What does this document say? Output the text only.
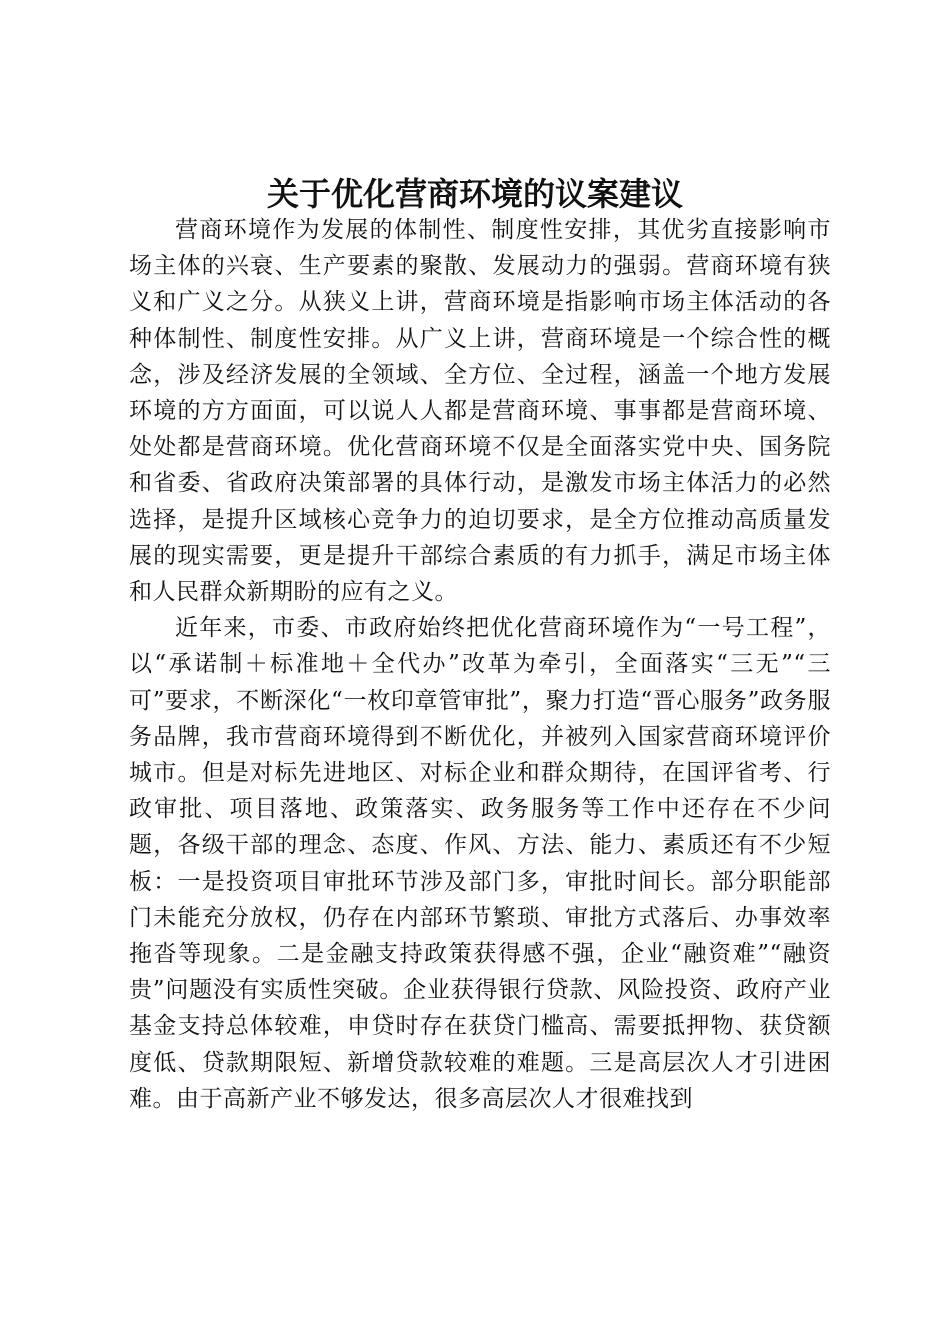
关于优化营商环境的议案建议

营商环境作为发展的体制性、制度性安排，其优劣直接影响市场主体的兴衰、生产要素的聚散、发展动力的强弱。营商环境有狭义和广义之分。从狭义上讲，营商环境是指影响市场主体活动的各种体制性、制度性安排。从广义上讲，营商环境是一个综合性的概念，涉及经济发展的全领域、全方位、全过程，涵盖一个地方发展环境的方方面面，可以说人人都是营商环境、事事都是营商环境、处处都是营商环境。优化营商环境不仅是全面落实党中央、国务院和省委、省政府决策部署的具体行动，是激发市场主体活力的必然选择，是提升区域核心竞争力的迫切要求，是全方位推动高质量发展的现实需要，更是提升干部综合素质的有力抓手，满足市场主体和人民群众新期盼的应有之义。

近年来，市委、市政府始终把优化营商环境作为“一号工程”，以“承诺制＋标准地＋全代办”改革为牵引，全面落实“三无”“三可”要求，不断深化“一枚印章管审批”，聚力打造“晋心服务”政务服务品牌，我市营商环境得到不断优化，并被列入国家营商环境评价城市。但是对标先进地区、对标企业和群众期待，在国评省考、行政审批、项目落地、政策落实、政务服务等工作中还存在不少问题，各级干部的理念、态度、作风、方法、能力、素质还有不少短板：一是投资项目审批环节涉及部门多，审批时间长。部分职能部门未能充分放权，仍存在内部环节繁琐、审批方式落后、办事效率拖沓等现象。二是金融支持政策获得感不强，企业“融资难”“融资贵”问题没有实质性突破。企业获得银行贷款、风险投资、政府产业基金支持总体较难，申贷时存在获贷门槛高、需要抵押物、获贷额度低、贷款期限短、新增贷款较难的难题。三是高层次人才引进困难。由于高新产业不够发达，很多高层次人才很难找到
